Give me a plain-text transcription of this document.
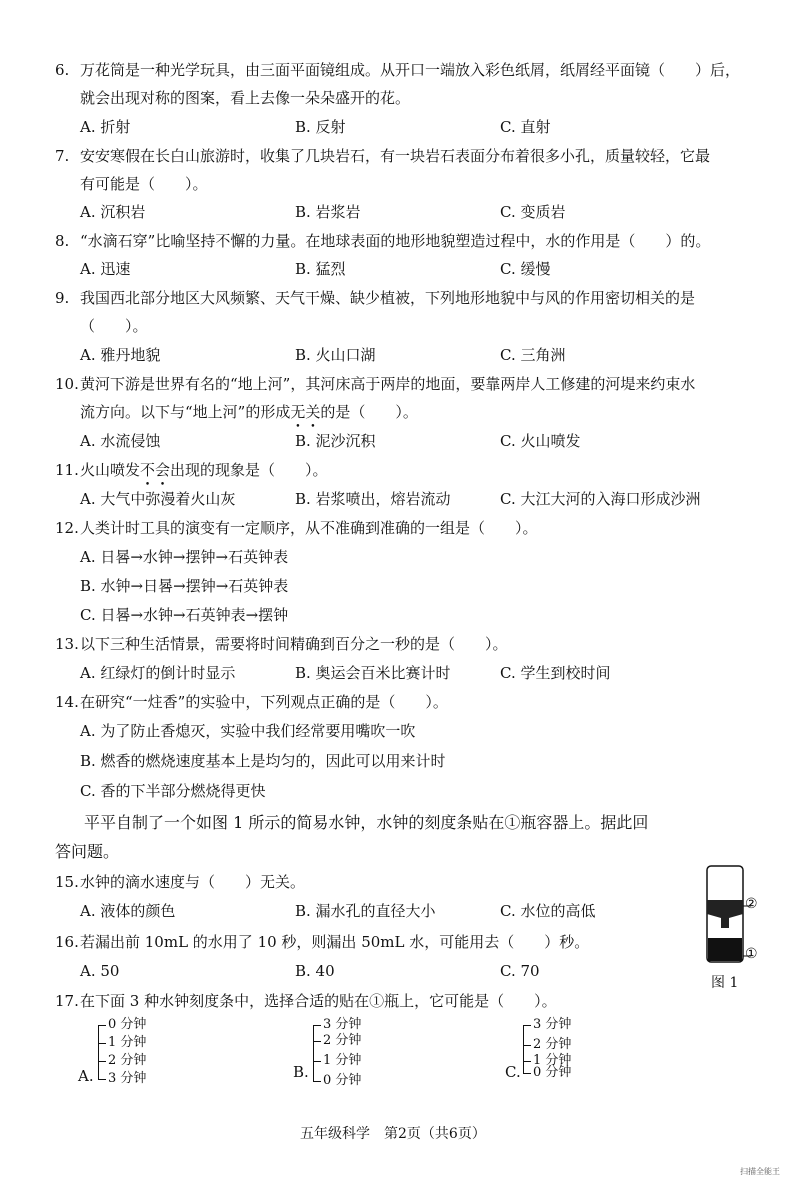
6. 万花筒是一种光学玩具，由三面平面镜组成。从开口一端放入彩色纸屑，纸屑经平面镜（　　）后，
就会出现对称的图案，看上去像一朵朵盛开的花。
A. 折射	B. 反射	C. 直射
7. 安安寒假在长白山旅游时，收集了几块岩石，有一块岩石表面分布着很多小孔，质量较轻，它最
有可能是（　　）。
A. 沉积岩	B. 岩浆岩	C. 变质岩
8. “水滴石穿”比喻坚持不懈的力量。在地球表面的地形地貌塑造过程中，水的作用是（　　）的。
A. 迅速	B. 猛烈	C. 缓慢
9. 我国西北部分地区大风频繁、天气干燥、缺少植被，下列地形地貌中与风的作用密切相关的是
（　　）。
A. 雅丹地貌	B. 火山口湖	C. 三角洲
10. 黄河下游是世界有名的“地上河”，其河床高于两岸的地面，要靠两岸人工修建的河堤来约束水
流方向。以下与“地上河”的形成无关的是（　　）。
A. 水流侵蚀	B. 泥沙沉积	C. 火山喷发
11. 火山喷发不会出现的现象是（　　）。
A. 大气中弥漫着火山灰	B. 岩浆喷出，熔岩流动	C. 大江大河的入海口形成沙洲
12. 人类计时工具的演变有一定顺序，从不准确到准确的一组是（　　）。
A. 日晷→水钟→摆钟→石英钟表
B. 水钟→日晷→摆钟→石英钟表
C. 日晷→水钟→石英钟表→摆钟
13. 以下三种生活情景，需要将时间精确到百分之一秒的是（　　）。
A. 红绿灯的倒计时显示	B. 奥运会百米比赛计时	C. 学生到校时间
14. 在研究“一炷香”的实验中，下列观点正确的是（　　）。
A. 为了防止香熄灭，实验中我们经常要用嘴吹一吹
B. 燃香的燃烧速度基本上是均匀的，因此可以用来计时
C. 香的下半部分燃烧得更快
平平自制了一个如图 1 所示的简易水钟，水钟的刻度条贴在①瓶容器上。据此回
答问题。
15. 水钟的滴水速度与（　　）无关。
A. 液体的颜色	B. 漏水孔的直径大小	C. 水位的高低
16. 若漏出前 10mL 的水用了 10 秒，则漏出 50mL 水，可能用去（　　）秒。
A. 50	B. 40	C. 70
②
①
图 1
17. 在下面 3 种水钟刻度条中，选择合适的贴在①瓶上，它可能是（　　）。
A.
0 分钟
1 分钟
2 分钟
3 分钟	B.
3 分钟
2 分钟
1 分钟
0 分钟	C.
3 分钟
2 分钟
1 分钟
0 分钟
五年级科学　第2页（共6页）
扫描全能王
